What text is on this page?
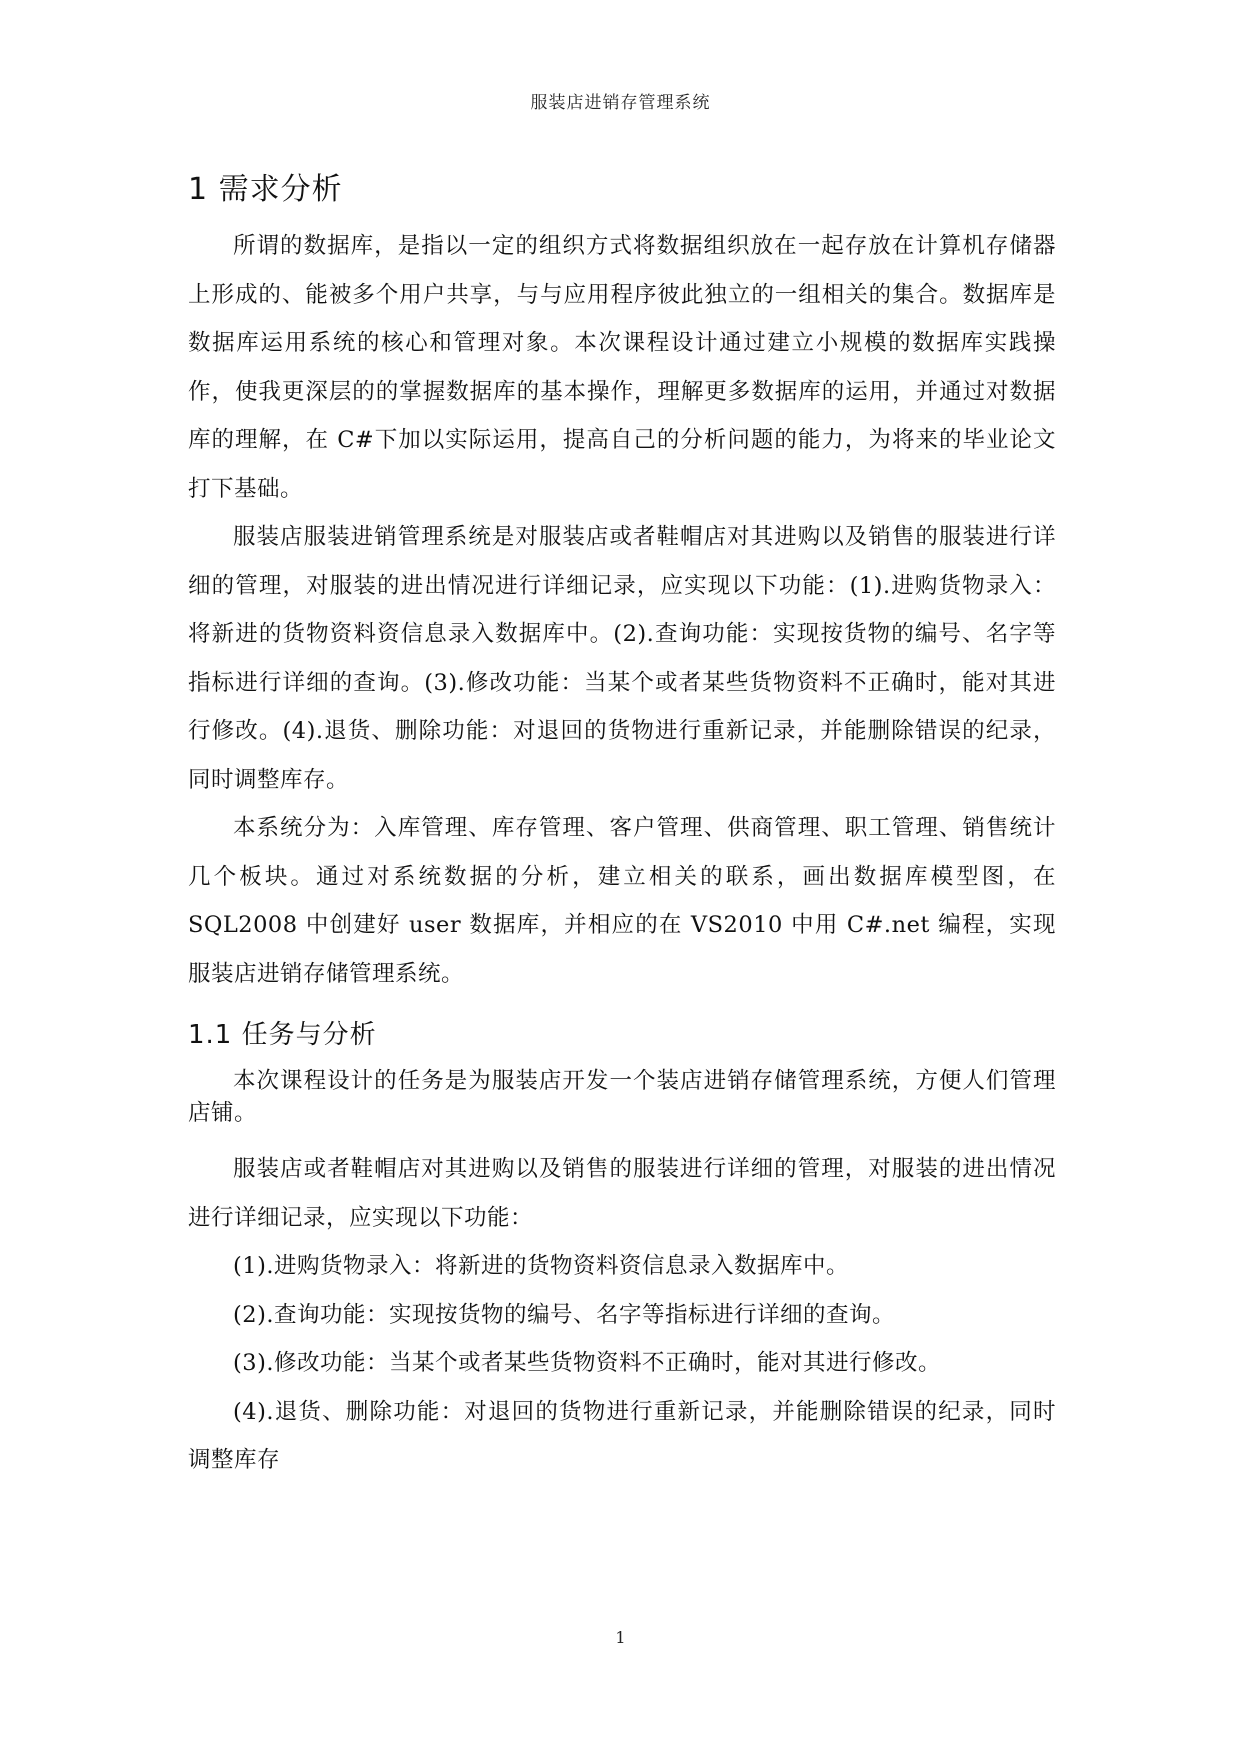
服装店进销存管理系统
1 需求分析

所谓的数据库，是指以一定的组织方式将数据组织放在一起存放在计算机存储器上形成的、能被多个用户共享，与与应用程序彼此独立的一组相关的集合。数据库是数据库运用系统的核心和管理对象。本次课程设计通过建立小规模的数据库实践操作，使我更深层的的掌握数据库的基本操作，理解更多数据库的运用，并通过对数据库的理解，在 C#下加以实际运用，提高自己的分析问题的能力，为将来的毕业论文打下基础。

服装店服装进销管理系统是对服装店或者鞋帽店对其进购以及销售的服装进行详细的管理，对服装的进出情况进行详细记录，应实现以下功能：(1).进购货物录入：将新进的货物资料资信息录入数据库中。(2).查询功能：实现按货物的编号、名字等指标进行详细的查询。(3).修改功能：当某个或者某些货物资料不正确时，能对其进行修改。(4).退货、删除功能：对退回的货物进行重新记录，并能删除错误的纪录，同时调整库存。

本系统分为：入库管理、库存管理、客户管理、供商管理、职工管理、销售统计几个板块。通过对系统数据的分析，建立相关的联系，画出数据库模型图，在 SQL2008 中创建好 user 数据库，并相应的在 VS2010 中用 C#.net 编程，实现服装店进销存储管理系统。

1.1 任务与分析

本次课程设计的任务是为服装店开发一个装店进销存储管理系统，方便人们管理店铺。

服装店或者鞋帽店对其进购以及销售的服装进行详细的管理，对服装的进出情况进行详细记录，应实现以下功能：

(1).进购货物录入：将新进的货物资料资信息录入数据库中。

(2).查询功能：实现按货物的编号、名字等指标进行详细的查询。

(3).修改功能：当某个或者某些货物资料不正确时，能对其进行修改。

(4).退货、删除功能：对退回的货物进行重新记录，并能删除错误的纪录，同时调整库存

1
